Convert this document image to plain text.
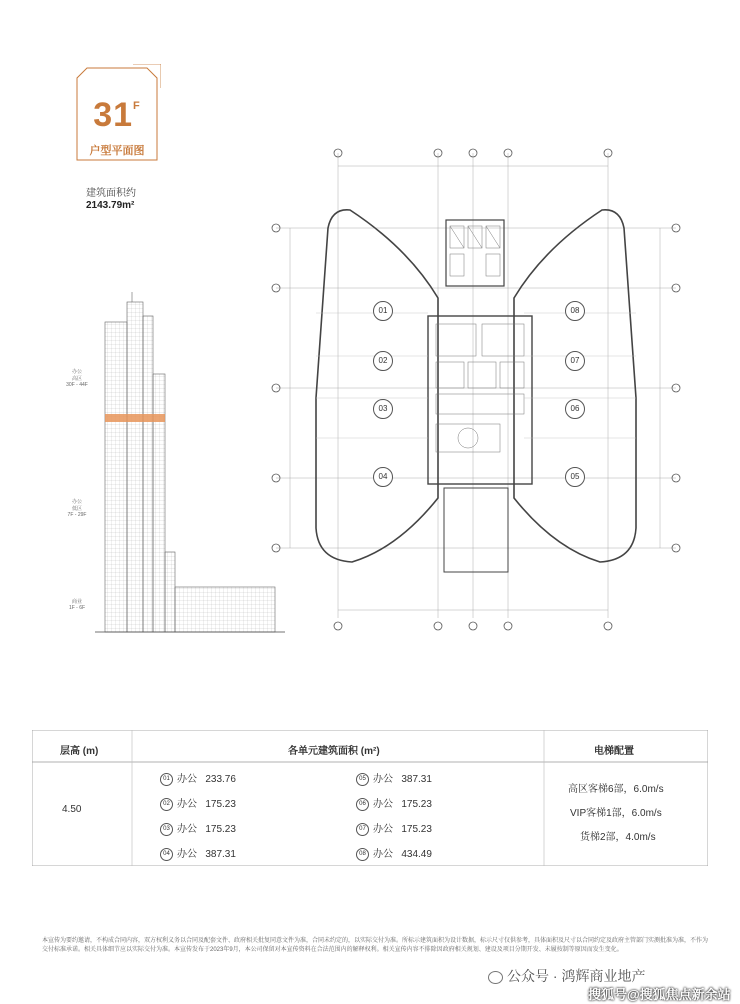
$31^F$
户型平面图
建筑面积约
2143.79m²
办公
高区
30F - 44F
办公
低区
7F - 29F
商业
1F - 6F
01
02
03
04	05
06
07
08
层高 (m)	各单元建筑面积 (m²)	电梯配置
4.50
01 办公 233.76
02 办公 175.23
03 办公 175.23
04 办公 387.31
05 办公 387.31
06 办公 175.23
07 办公 175.23
08 办公 434.49
高区客梯6部，6.0m/s
VIP客梯1部，6.0m/s
货梯2部，4.0m/s
本宣传为要约邀请，不构成合同内容，双方权利义务以合同及配套文件、政府相关批复同意文件为准，合同未约定的，以实际交付为准。所标示建筑面积为设计数据，标示尺寸仅供参考，具体面积及尺寸以合同约定及政府主管部门实测批准为准，不作为交付标准承诺。相关具体细节应以实际交付为准。本宣传发布于2023年9月，本公司保留对本宣传资料在合法范围内的解释权利。相关宣传内容不排除因政府相关规划、建设及项目分期开发、未履按制等原因而发生变化。
公众号 · 鸿辉商业地产
搜狐号@搜狐焦点新余站
